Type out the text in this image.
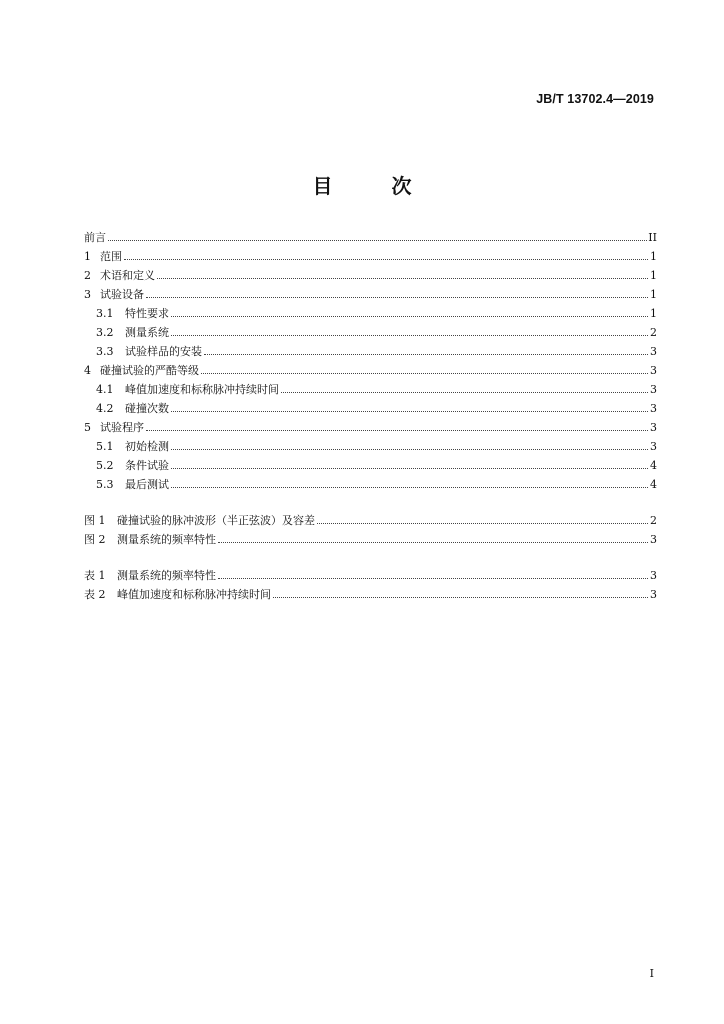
JB/T 13702.4—2019
目 次
前言	II
1 范围	1
2 术语和定义	1
3 试验设备	1
3.1	特性要求	1
3.2	测量系统	2
3.3	试验样品的安装	3
4 碰撞试验的严酷等级	3
4.1	峰值加速度和标称脉冲持续时间	3
4.2	碰撞次数	3
5 试验程序	3
5.1	初始检测	3
5.2	条件试验	4
5.3	最后测试	4
图 1	碰撞试验的脉冲波形（半正弦波）及容差	2
图 2	测量系统的频率特性	3
表 1	测量系统的频率特性	3
表 2	峰值加速度和标称脉冲持续时间	3
I
